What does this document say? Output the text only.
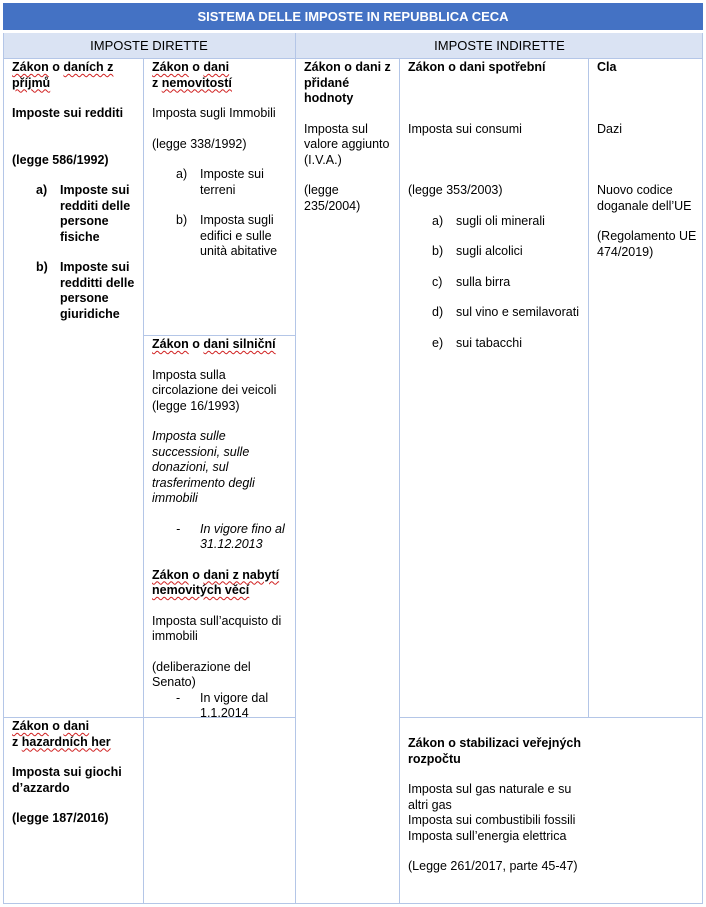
SISTEMA DELLE IMPOSTE IN REPUBBLICA CECA
IMPOSTE DIRETTE	IMPOSTE INDIRETTE

Zákon o daních z
příjmů

Imposte sui redditi

(legge 586/1992)

a) Imposte sui redditi delle persone fisiche

b) Imposte sui redditti delle persone giuridiche

Zákon o dani
z hazardních her

Imposta sui giochi d’azzardo

(legge 187/2016)

Zákon o dani
z nemovitostí

Imposta sugli Immobili

(legge 338/1992)

a) Imposte sui terreni

b) Imposta sugli edifici e sulle unità abitative

Zákon o dani silniční

Imposta sulla circolazione dei veicoli (legge 16/1993)

Imposta sulle successioni, sulle donazioni, sul trasferimento degli immobili

- In vigore fino al 31.12.2013

Zákon o dani z nabytí
nemovitých věcí

Imposta sull’acquisto di immobili

(deliberazione del Senato)

- In vigore dal 1.1.2014

Zákon o dani z přidané hodnoty

Imposta sul valore aggiunto (I.V.A.)

(legge 235/2004)

Zákon o dani spotřební

Imposta sui consumi

(legge 353/2003)

a) sugli oli minerali

b) sugli alcolici

c) sulla birra

d) sul vino e semilavorati

e) sui tabacchi

Zákon o stabilizaci veřejných rozpočtu

Imposta sul gas naturale e su altri gas

Imposta sui combustibili fossili

Imposta sull’energia elettrica

(Legge 261/2017, parte 45-47)

Cla

Dazi

Nuovo codice doganale dell’UE

(Regolamento UE 474/2019)
